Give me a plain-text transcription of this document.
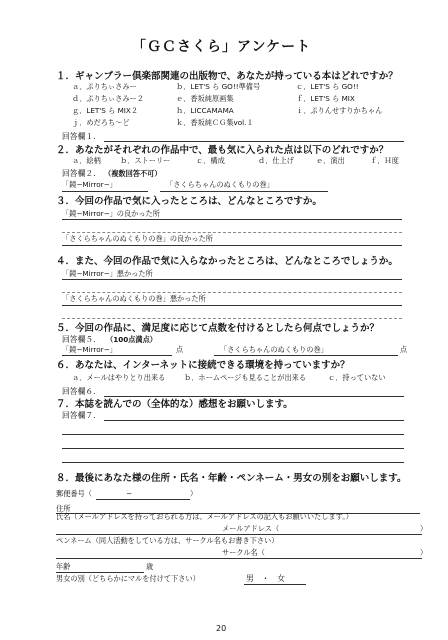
「ＧＣさくら」アンケート
１．ギャンブラー倶楽部関連の出版物で、あなたが持っている本はどれですか？
ａ．ぷりちぃさみー	ｂ．LET'S ら GO!!準備号	ｃ．LET'S ら GO!!
ｄ．ぷりちぃさみー２	ｅ．香坂純原画集	ｆ．LET'S ら MIX
ｇ．LET'S ら MIX２	ｈ．LICCAMAMA	ｉ．ぷりんせすりかちゃん
ｊ．めだろち〜ど	ｋ．香坂純ＣＧ集vol.１
回答欄１．
２．あなたがそれぞれの作品中で、最も気に入られた点は以下のどれですか？
ａ．絵柄	ｂ．ストーリー	ｃ．構成	ｄ．仕上げ	ｅ．演出	ｆ．Ｈ度
回答欄２． （複数回答不可）
「鏡−Mirror−」	「さくらちゃんのぬくもりの巻」
３．今回の作品で気に入ったところは、どんなところですか。
「鏡−Mirror−」の良かった所
「さくらちゃんのぬくもりの巻」の良かった所
４．また、今回の作品で気に入らなかったところは、どんなところでしょうか。
「鏡−Mirror−」悪かった所
「さくらちゃんのぬくもりの巻」悪かった所
５．今回の作品に、満足度に応じて点数を付けるとしたら何点でしょうか？
回答欄５． （100点満点）
「鏡−Mirror−」	点	「さくらちゃんのぬくもりの巻」	点
６．あなたは、インターネットに接続できる環境を持っていますか？
ａ．メールはやりとり出来る	ｂ．ホームページも見ることが出来る	ｃ．持っていない
回答欄６．
７．本誌を読んでの（全体的な）感想をお願いします。
回答欄７．
８．最後にあなた様の住所・氏名・年齢・ペンネーム・男女の別をお願いします。
郵便番号（	−	）
住所
氏名（メールアドレスを持っておられる方は、メールアドレスの記入もお願いいたします。）
メールアドレス（	）
ペンネーム（同人活動をしている方は、サークル名もお書き下さい）
サークル名（	）
年齢	歳
男女の別（どちらかにマルを付けて下さい）	男　・　女
20
